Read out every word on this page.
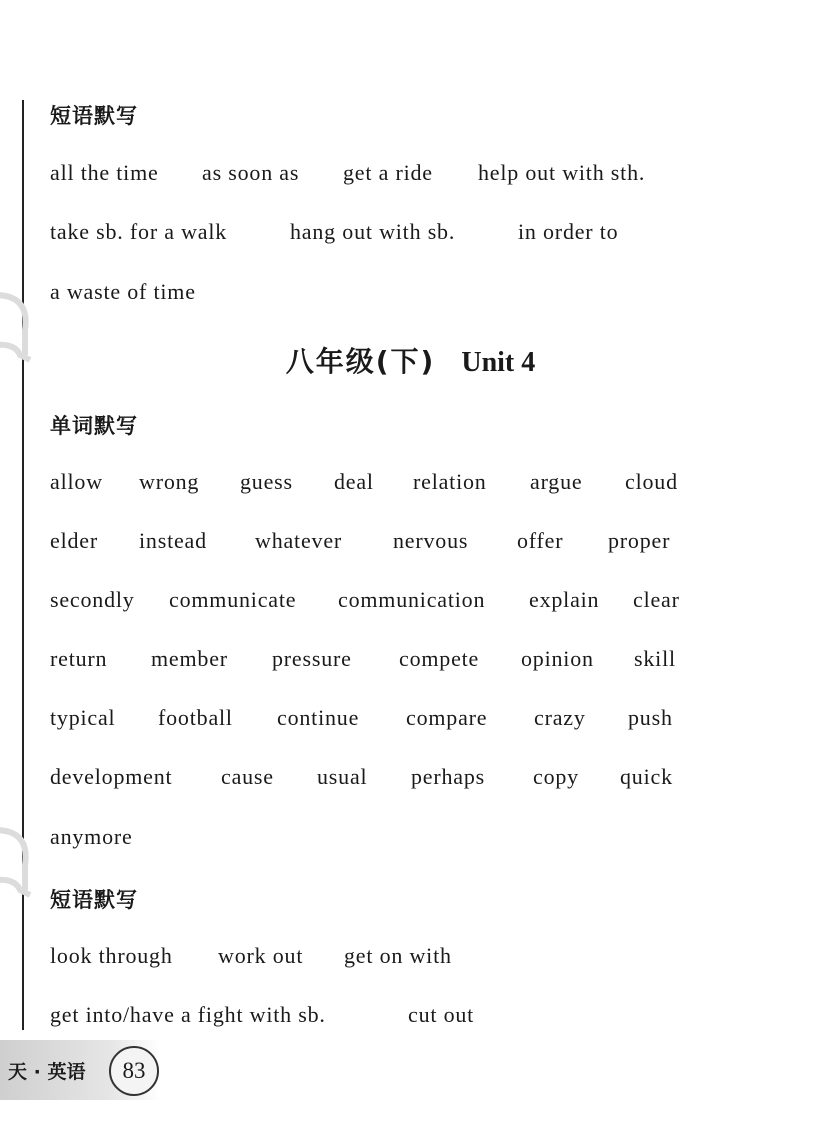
短语默写
all the time as soon as get a ride help out with sth.
take sb. for a walk	hang out with sb.	in order to
a waste of time
八年级(下) Unit 4
单词默写
allow wrong guess deal relation argue cloud
elder instead whatever nervous offer proper
secondly communicate communication explain clear
return member pressure compete opinion skill
typical football continue compare crazy push
development cause usual perhaps copy quick
anymore
短语默写
look through work out get on with
get into/have a fight with sb.	cut out
天 · 英语	83
